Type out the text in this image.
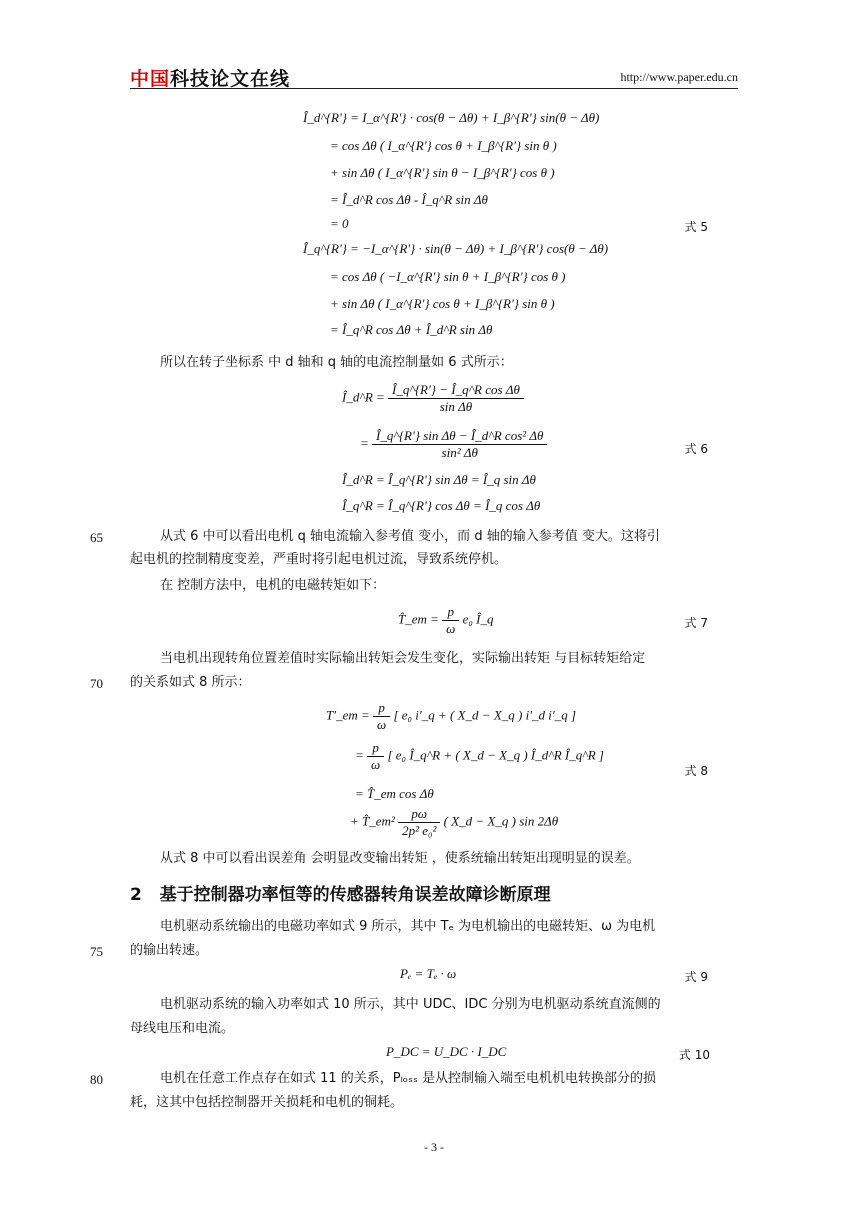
中国科技论文在线	http://www.paper.edu.cn
Î_d^{R'} = I_α^{R'} · cos(θ − Δθ) + I_β^{R'} sin(θ − Δθ)
= cos Δθ ( I_α^{R'} cos θ + I_β^{R'} sin θ )
+ sin Δθ ( I_α^{R'} sin θ − I_β^{R'} cos θ )
= Î_d^R cos Δθ - Î_q^R sin Δθ
= 0	式 5
Î_q^{R'} = −I_α^{R'} · sin(θ − Δθ) + I_β^{R'} cos(θ − Δθ)
= cos Δθ ( −I_α^{R'} sin θ + I_β^{R'} cos θ )
+ sin Δθ ( I_α^{R'} cos θ + I_β^{R'} sin θ )
= Î_q^R cos Δθ + Î_d^R sin Δθ
所以在转子坐标系 中 d 轴和 q 轴的电流控制量如 6 式所示：
Î_d^R = $\frac{\text{Î\_q\textasciicircum{}\{R'\} − Î\_q\textasciicircum{}R cos Δθ}}{\text{sin Δθ}}$
= $\frac{\text{Î\_q\textasciicircum{}\{R'\} sin Δθ − Î\_d\textasciicircum{}R cos² Δθ}}{\text{sin² Δθ}}$	式 6
Î_d^R = Î_q^{R'} sin Δθ = Î_q sin Δθ
Î_q^R = Î_q^{R'} cos Δθ = Î_q cos Δθ
65	从式 6 中可以看出电机 q 轴电流输入参考值 变小，而 d 轴的输入参考值 变大。这将引
起电机的控制精度变差，严重时将引起电机过流，导致系统停机。
在 控制方法中，电机的电磁转矩如下：
T̂_em = $\frac{p}{\omega} e_0$ Î_q	式 7
当电机出现转角位置差值时实际输出转矩会发生变化，实际输出转矩 与目标转矩给定
70 的关系如式 8 所示：
T′_em = $\frac{p}{\omega}$ [ e₀ i′_q + ( X_d − X_q ) i′_d i′_q ]
= $\frac{p}{\omega}$ [ e₀ Î_q^R + ( X_d − X_q ) Î_d^R Î_q^R ]
式 8
= T̂_em cos Δθ
+ T̂_em² $\frac{p\omega}{\text{2p² e₀²}}$ ( X_d − X_q ) sin 2Δθ
从式 8 中可以看出误差角 会明显改变输出转矩 ，使系统输出转矩出现明显的误差。
2 基于控制器功率恒等的传感器转角误差故障诊断原理
电机驱动系统输出的电磁功率如式 9 所示，其中 Tₑ 为电机输出的电磁转矩、ω 为电机
75 的输出转速。
Pₑ = Tₑ · ω	式 9
电机驱动系统的输入功率如式 10 所示，其中 UDC、IDC 分别为电机驱动系统直流侧的
母线电压和电流。
P_DC = U_DC · I_DC	式 10
80	电机在任意工作点存在如式 11 的关系，Pₗₒₛₛ 是从控制输入端至电机机电转换部分的损
耗，这其中包括控制器开关损耗和电机的铜耗。
- 3 -
